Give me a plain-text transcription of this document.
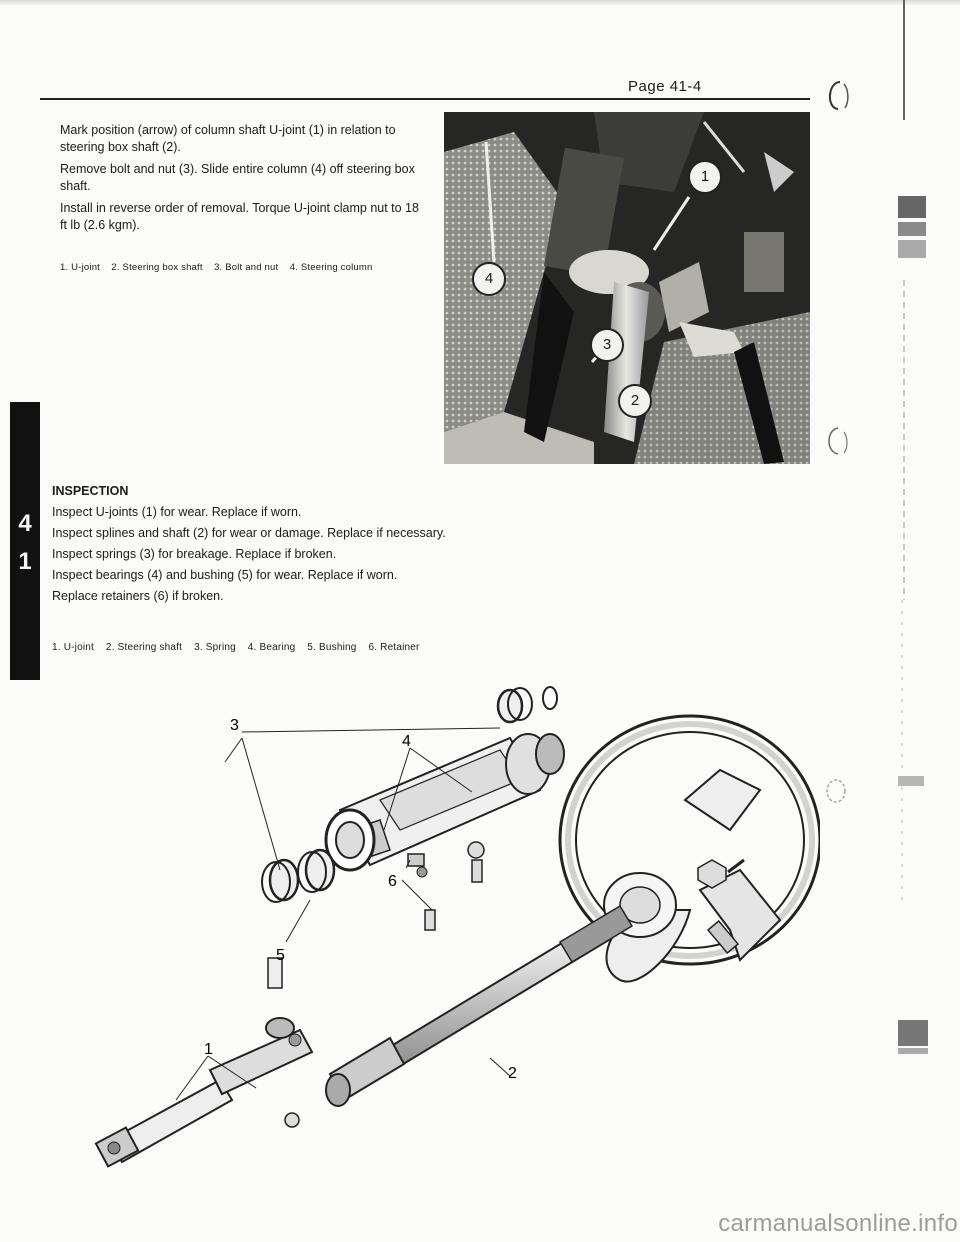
Page 41-4

Mark position (arrow) of column shaft U-joint (1) in relation to steering box shaft (2).

Remove bolt and nut (3). Slide entire column (4) off steering box shaft.

Install in reverse order of removal. Torque U-joint clamp nut to 18 ft lb (2.6 kgm).

1. U-joint    2. Steering box shaft    3. Bolt and nut    4. Steering column
1
4
3
2
4
1
INSPECTION

Inspect U-joints (1) for wear. Replace if worn.

Inspect splines and shaft (2) for wear or damage. Replace if necessary.

Inspect springs (3) for breakage. Replace if broken.

Inspect bearings (4) and bushing (5) for wear. Replace if worn.

Replace retainers (6) if broken.

1. U-joint    2. Steering shaft    3. Spring    4. Bearing    5. Bushing    6. Retainer
3
4
5
6
2
1
carmanualsonline.info
